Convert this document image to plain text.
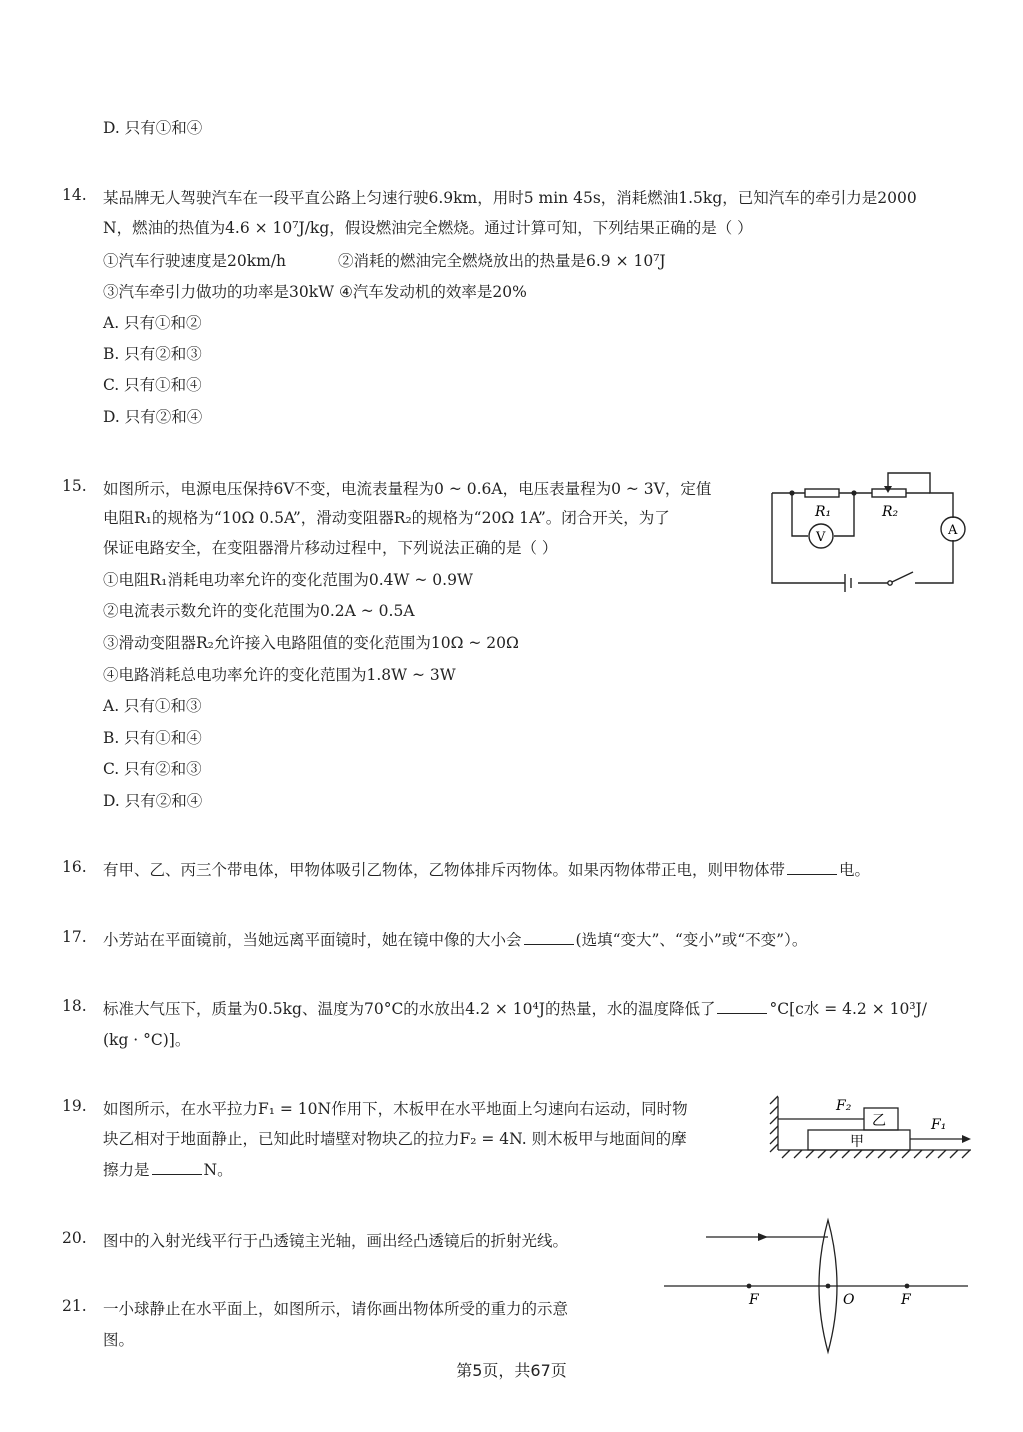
D. 只有①和④
14. 某品牌无人驾驶汽车在一段平直公路上匀速行驶6.9km，用时5 min 45s，消耗燃油1.5kg，已知汽车的牵引力是2000
N，燃油的热值为4.6 × 10⁷J/kg，假设燃油完全燃烧。通过计算可知，下列结果正确的是（ ）
①汽车行驶速度是20km/h	②消耗的燃油完全燃烧放出的热量是6.9 × 10⁷J
③汽车牵引力做功的功率是30kW ④汽车发动机的效率是20%
A. 只有①和②
B. 只有②和③
C. 只有①和④
D. 只有②和④
15. 如图所示，电源电压保持6V不变，电流表量程为0 ~ 0.6A，电压表量程为0 ~ 3V，定值
电阻R₁的规格为“10Ω 0.5A”，滑动变阻器R₂的规格为“20Ω 1A”。闭合开关，为了
保证电路安全，在变阻器滑片移动过程中，下列说法正确的是（ ）
①电阻R₁消耗电功率允许的变化范围为0.4W ~ 0.9W
②电流表示数允许的变化范围为0.2A ~ 0.5A
③滑动变阻器R₂允许接入电路阻值的变化范围为10Ω ~ 20Ω
④电路消耗总电功率允许的变化范围为1.8W ~ 3W
A. 只有①和③
B. 只有①和④
C. 只有②和③
D. 只有②和④
R₁	R₂
V	A
16. 有甲、乙、丙三个带电体，甲物体吸引乙物体，乙物体排斥丙物体。如果丙物体带正电，则甲物体带	电。
17. 小芳站在平面镜前，当她远离平面镜时，她在镜中像的大小会	(选填“变大”、“变小”或“不变”）。
18. 标准大气压下，质量为0.5kg、温度为70°C的水放出4.2 × 10⁴J的热量，水的温度降低了	°C[c水 = 4.2 × 10³J/
(kg · °C)]。
19. 如图所示，在水平拉力F₁ = 10N作用下，木板甲在水平地面上匀速向右运动，同时物
块乙相对于地面静止，已知此时墙壁对物块乙的拉力F₂ = 4N. 则木板甲与地面间的摩
擦力是	N。
F₂
F₁
乙
甲
20. 图中的入射光线平行于凸透镜主光轴，画出经凸透镜后的折射光线。
21. 一小球静止在水平面上，如图所示，请你画出物体所受的重力的示意
图。
F	O	F
第5页，共67页
